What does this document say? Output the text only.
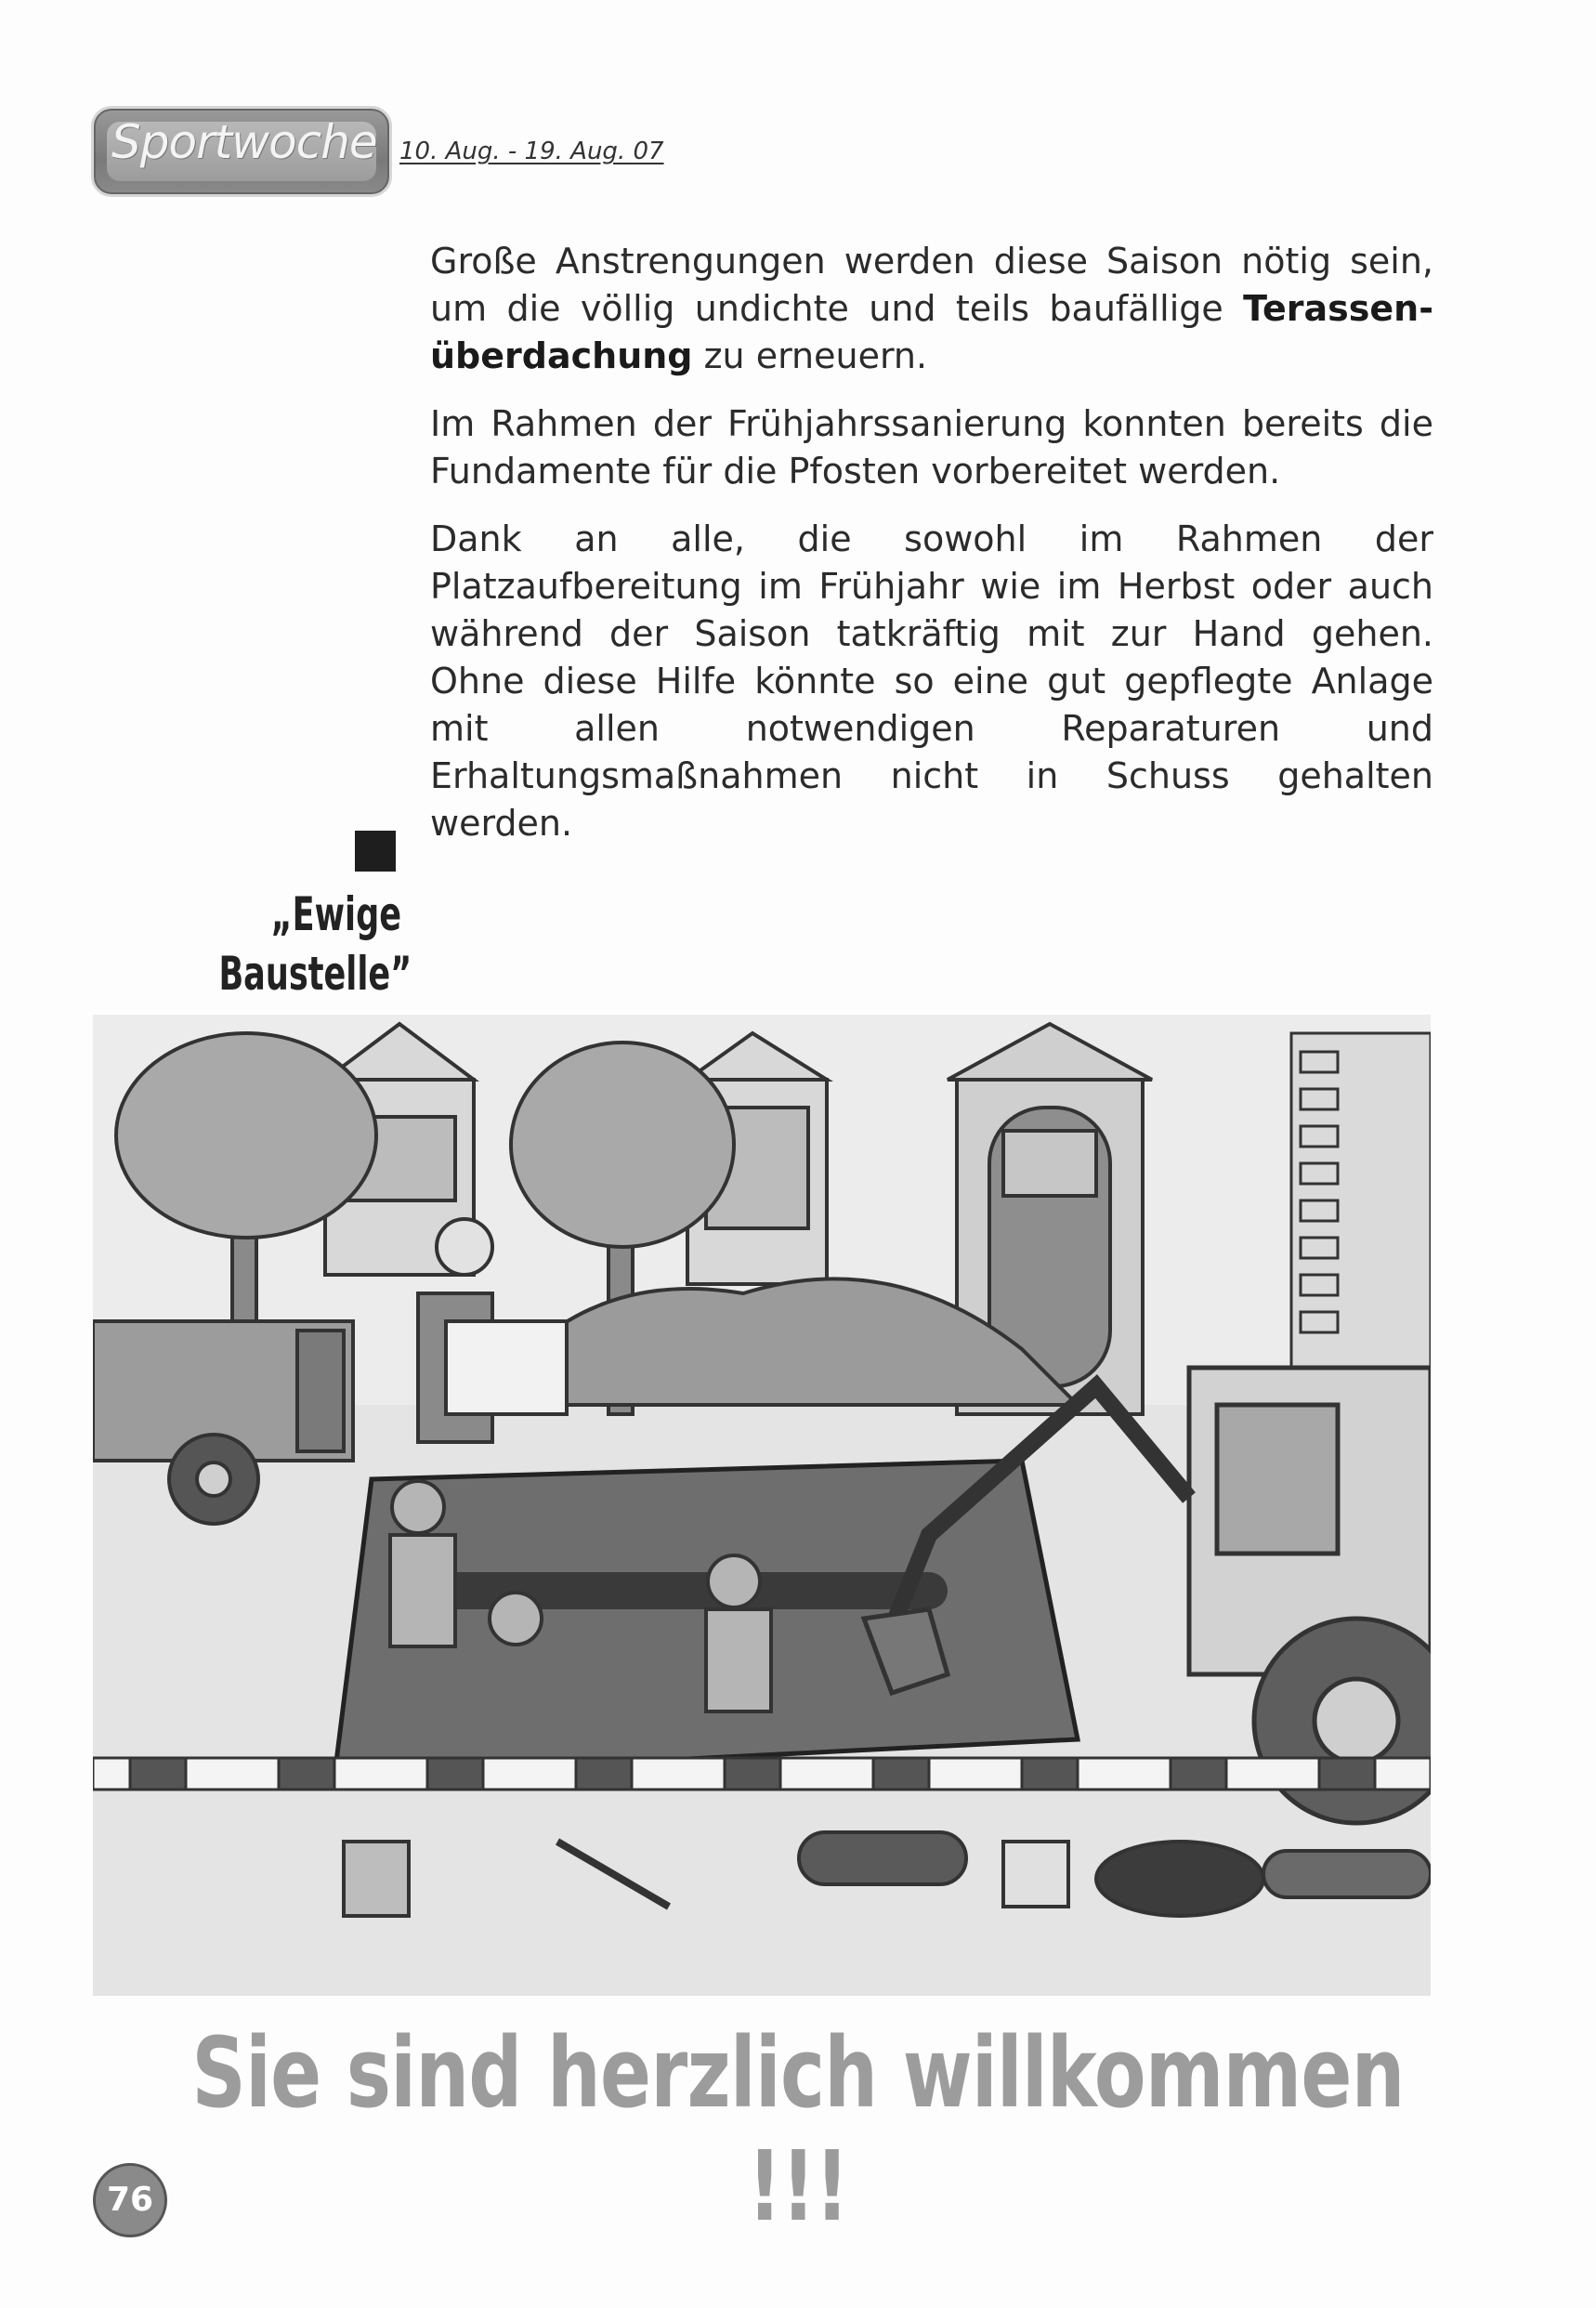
Sportwoche 10. Aug. - 19. Aug. 07

Große Anstrengungen werden diese Saison nötig sein, um die völlig undichte und teils baufällige Terassenüberdachung zu erneuern.

Im Rahmen der Frühjahrssanierung konnten bereits die Fundamente für die Pfosten vorbereitet werden.

Dank an alle, die sowohl im Rahmen der Platzaufbereitung im Frühjahr wie im Herbst oder auch während der Saison tatkräftig mit zur Hand gehen. Ohne diese Hilfe könnte so eine gut gepflegte Anlage mit allen notwendigen Reparaturen und Erhaltungsmaßnahmen nicht in Schuss gehalten werden.

„Ewige
Baustelle”
Sie sind herzlich willkommen !!!
76
